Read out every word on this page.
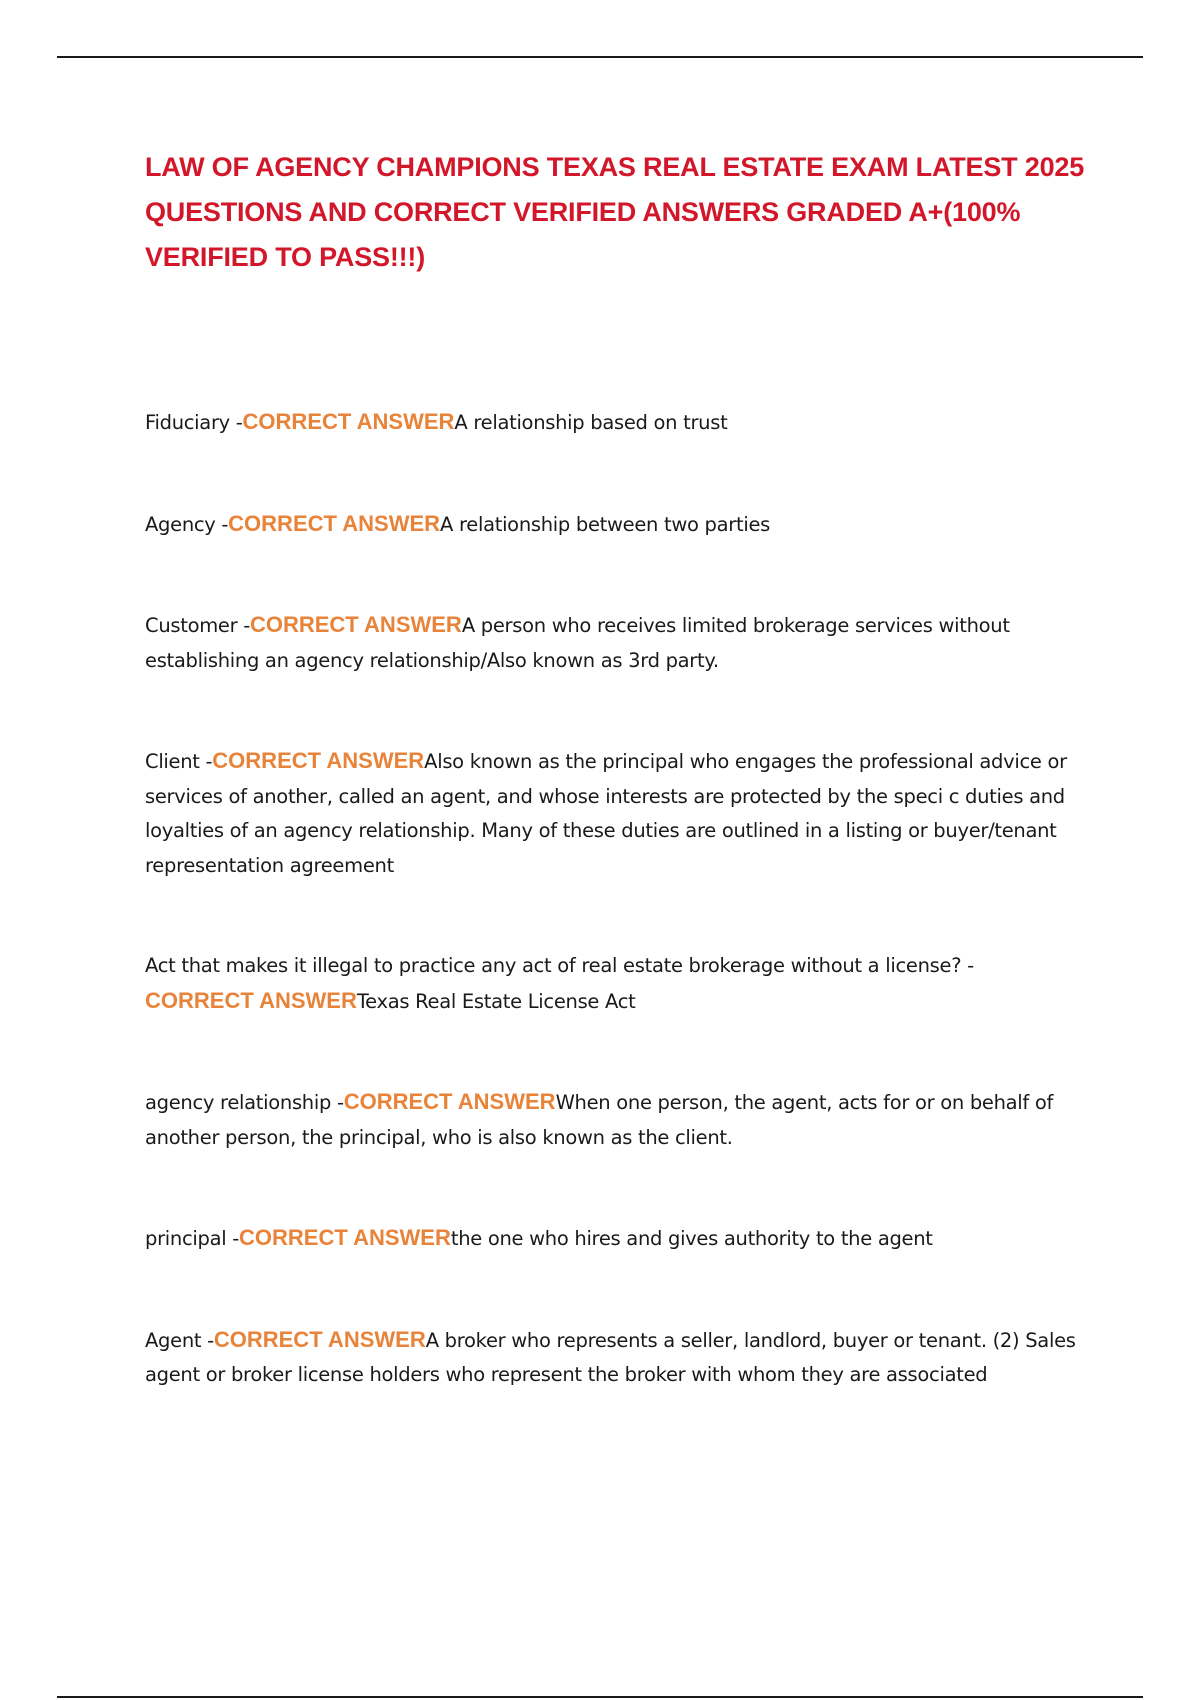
LAW OF AGENCY CHAMPIONS TEXAS REAL ESTATE EXAM LATEST 2025 QUESTIONS AND CORRECT VERIFIED ANSWERS GRADED A+(100% VERIFIED TO PASS!!!)

Fiduciary -CORRECT ANSWERA relationship based on trust

Agency -CORRECT ANSWERA relationship between two parties

Customer -CORRECT ANSWERA person who receives limited brokerage services without establishing an agency relationship/Also known as 3rd party.

Client -CORRECT ANSWERAlso known as the principal who engages the professional advice or services of another, called an agent, and whose interests are protected by the speci c duties and loyalties of an agency relationship. Many of these duties are outlined in a listing or buyer/tenant representation agreement

Act that makes it illegal to practice any act of real estate brokerage without a license? -
CORRECT ANSWERTexas Real Estate License Act

agency relationship -CORRECT ANSWERWhen one person, the agent, acts for or on behalf of another person, the principal, who is also known as the client.

principal -CORRECT ANSWERthe one who hires and gives authority to the agent

Agent -CORRECT ANSWERA broker who represents a seller, landlord, buyer or tenant. (2) Sales agent or broker license holders who represent the broker with whom they are associated
